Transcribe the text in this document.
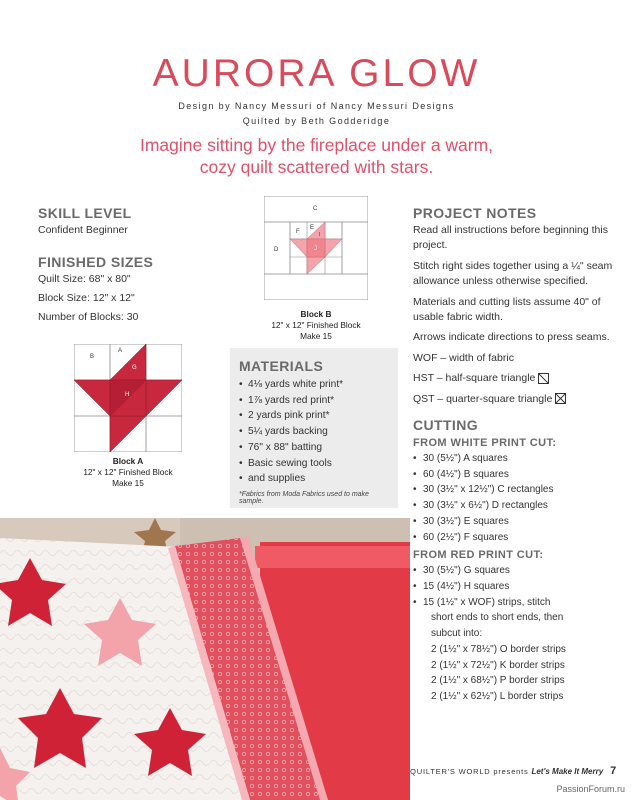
AURORA GLOW
Design by Nancy Messuri of Nancy Messuri Designs
Quilted by Beth Godderidge
Imagine sitting by the fireplace under a warm,
cozy quilt scattered with stars.
SKILL LEVEL
Confident Beginner
FINISHED SIZES
Quilt Size: 68" x 80"
Block Size: 12" x 12"
Number of Blocks: 30
B
A
G
H
Block A
12" x 12" Finished Block
Make 15
C
D
F
E
I
J
Block B
12" x 12" Finished Block
Make 15
MATERIALS
• 4⅛ yards white print*
• 1⅞ yards red print*
• 2 yards pink print*
• 5¼ yards backing
• 76" x 88" batting
• Basic sewing tools
• and supplies
*Fabrics from Moda Fabrics used to make sample.
PROJECT NOTES

Read all instructions before beginning this project.

Stitch right sides together using a ¼" seam allowance unless otherwise specified.

Materials and cutting lists assume 40" of usable fabric width.

Arrows indicate directions to press seams.

WOF – width of fabric

HST – half-square triangle

QST – quarter-square triangle

CUTTING
FROM WHITE PRINT CUT:
• 30 (5½") A squares
• 60 (4½") B squares
• 30 (3½" x 12½") C rectangles
• 30 (3½" x 6½") D rectangles
• 30 (3½") E squares
• 60 (2½") F squares
FROM RED PRINT CUT:
• 30 (5½") G squares
• 15 (4½") H squares
• 15 (1½" x WOF) strips, stitch
short ends to short ends, then
subcut into:
2 (1½" x 78½") O border strips
2 (1½" x 72½") K border strips
2 (1½" x 68½") P border strips
2 (1½" x 62½") L border strips
QUILTER'S WORLD presents Let's Make It Merry 7
PassionForum.ru
